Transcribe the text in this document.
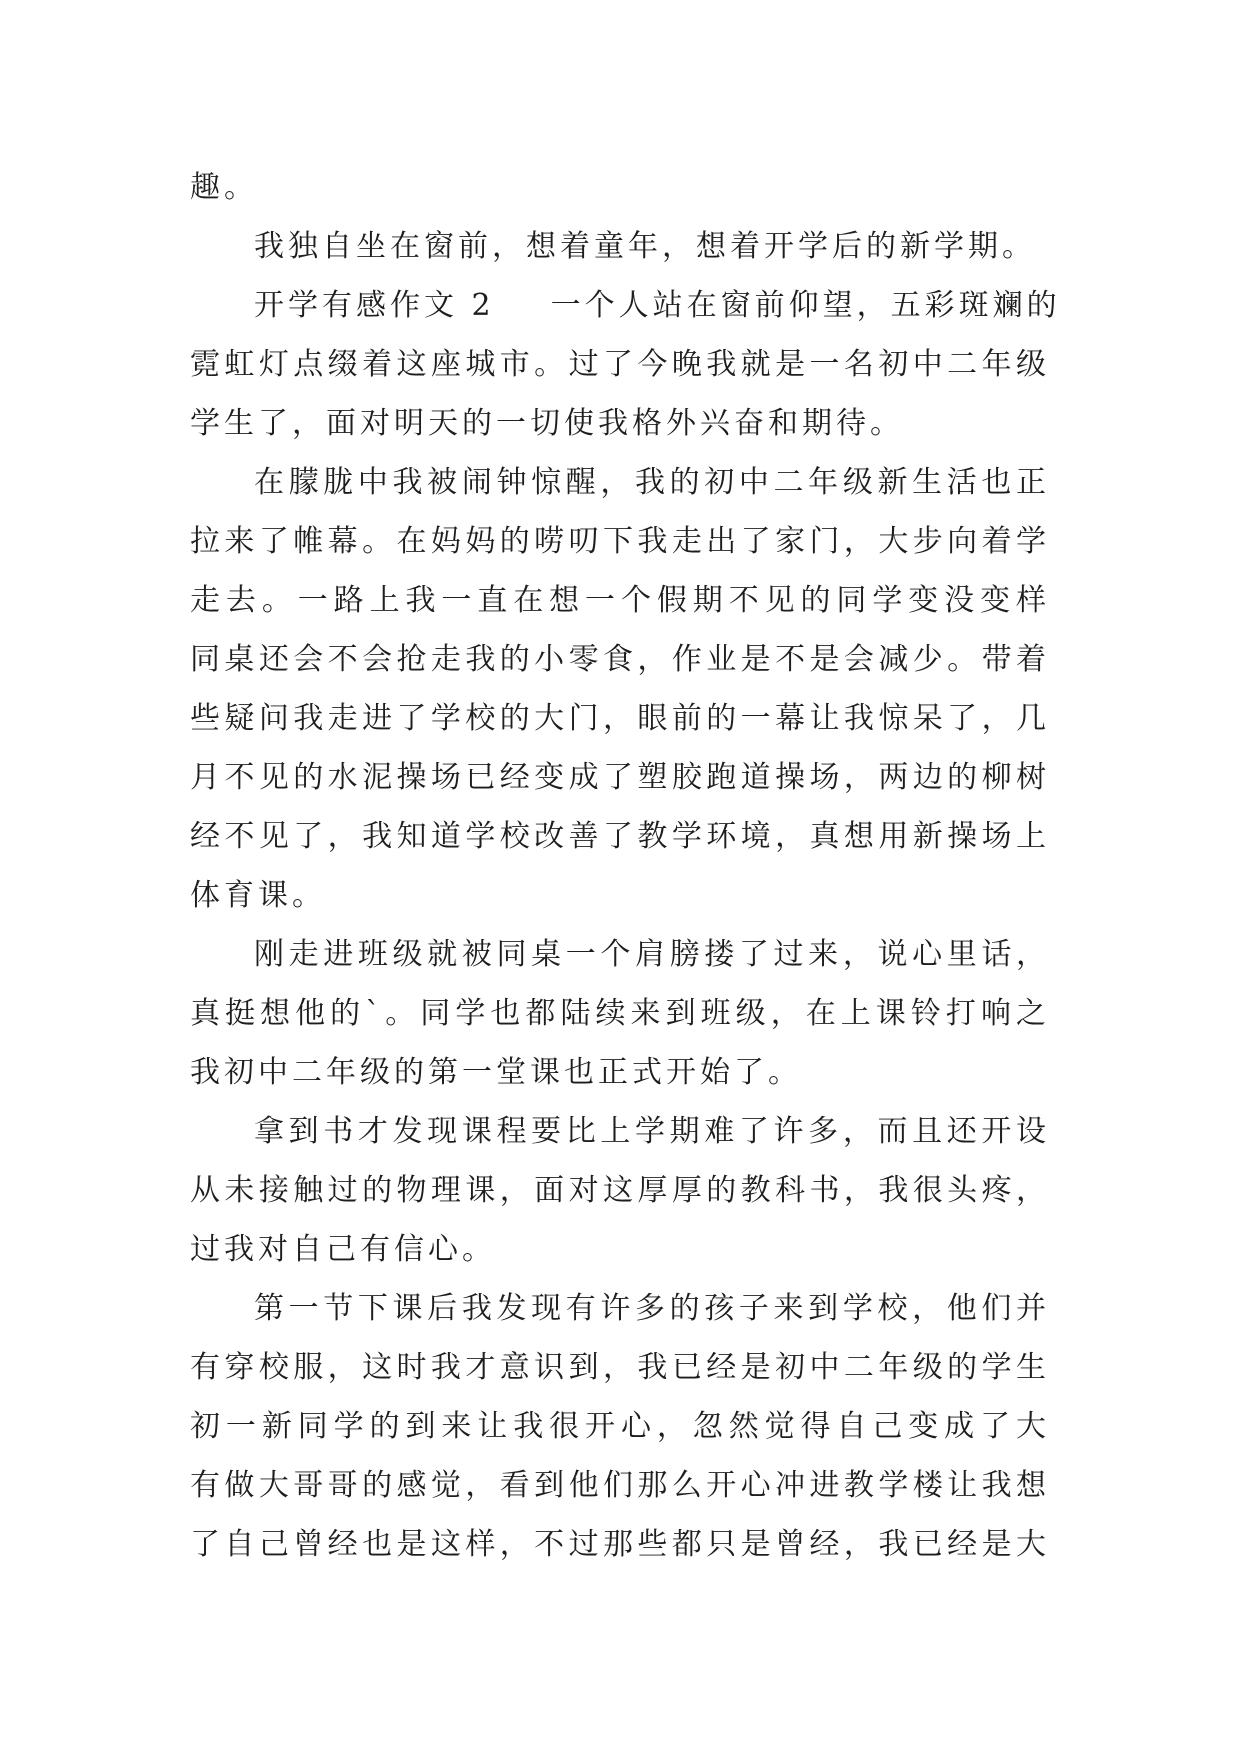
趣。
我独自坐在窗前，想着童年，想着开学后的新学期。
开学有感作文 2 一个人站在窗前仰望，五彩斑斓的
霓虹灯点缀着这座城市。过了今晚我就是一名初中二年级
学生了，面对明天的一切使我格外兴奋和期待。
在朦胧中我被闹钟惊醒，我的初中二年级新生活也正
拉来了帷幕。在妈妈的唠叨下我走出了家门，大步向着学
走去。一路上我一直在想一个假期不见的同学变没变样
同桌还会不会抢走我的小零食，作业是不是会减少。带着
些疑问我走进了学校的大门，眼前的一幕让我惊呆了，几
月不见的水泥操场已经变成了塑胶跑道操场，两边的柳树
经不见了，我知道学校改善了教学环境，真想用新操场上
体育课。
刚走进班级就被同桌一个肩膀搂了过来，说心里话，
真挺想他的`。同学也都陆续来到班级，在上课铃打响之
我初中二年级的第一堂课也正式开始了。
拿到书才发现课程要比上学期难了许多，而且还开设
从未接触过的物理课，面对这厚厚的教科书，我很头疼，
过我对自己有信心。
第一节下课后我发现有许多的孩子来到学校，他们并
有穿校服，这时我才意识到，我已经是初中二年级的学生
初一新同学的到来让我很开心，忽然觉得自己变成了大
有做大哥哥的感觉，看到他们那么开心冲进教学楼让我想
了自己曾经也是这样，不过那些都只是曾经，我已经是大
